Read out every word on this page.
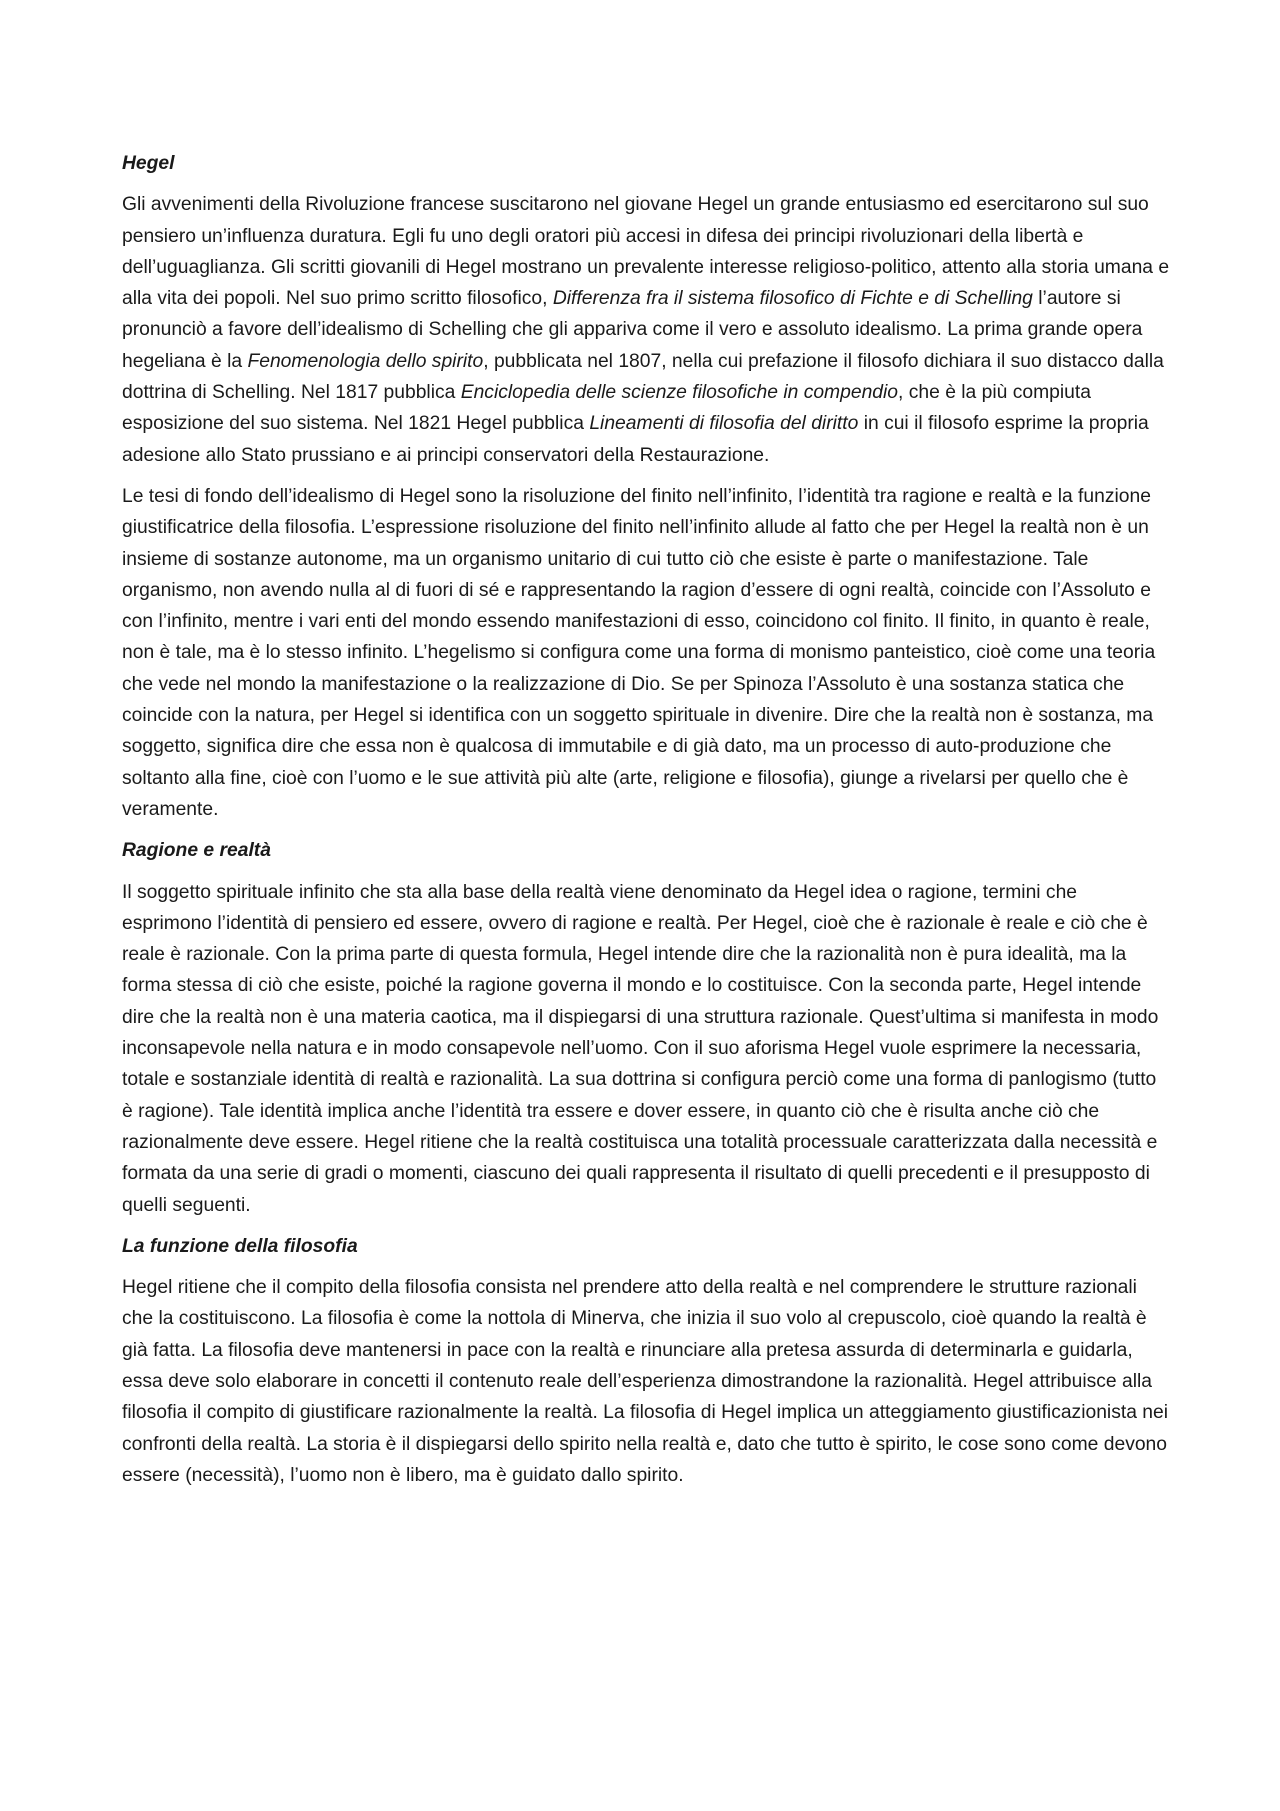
Hegel

Gli avvenimenti della Rivoluzione francese suscitarono nel giovane Hegel un grande entusiasmo ed esercitarono sul suo pensiero un’influenza duratura. Egli fu uno degli oratori più accesi in difesa dei principi rivoluzionari della libertà e dell’uguaglianza. Gli scritti giovanili di Hegel mostrano un prevalente interesse religioso-politico, attento alla storia umana e alla vita dei popoli. Nel suo primo scritto filosofico, Differenza fra il sistema filosofico di Fichte e di Schelling l’autore si pronunciò a favore dell’idealismo di Schelling che gli appariva come il vero e assoluto idealismo. La prima grande opera hegeliana è la Fenomenologia dello spirito, pubblicata nel 1807, nella cui prefazione il filosofo dichiara il suo distacco dalla dottrina di Schelling. Nel 1817 pubblica Enciclopedia delle scienze filosofiche in compendio, che è la più compiuta esposizione del suo sistema. Nel 1821 Hegel pubblica Lineamenti di filosofia del diritto in cui il filosofo esprime la propria adesione allo Stato prussiano e ai principi conservatori della Restaurazione.

Le tesi di fondo dell’idealismo di Hegel sono la risoluzione del finito nell’infinito, l’identità tra ragione e realtà e la funzione giustificatrice della filosofia. L’espressione risoluzione del finito nell’infinito allude al fatto che per Hegel la realtà non è un insieme di sostanze autonome, ma un organismo unitario di cui tutto ciò che esiste è parte o manifestazione. Tale organismo, non avendo nulla al di fuori di sé e rappresentando la ragion d’essere di ogni realtà, coincide con l’Assoluto e con l’infinito, mentre i vari enti del mondo essendo manifestazioni di esso, coincidono col finito. Il finito, in quanto è reale, non è tale, ma è lo stesso infinito. L’hegelismo si configura come una forma di monismo panteistico, cioè come una teoria che vede nel mondo la manifestazione o la realizzazione di Dio. Se per Spinoza l’Assoluto è una sostanza statica che coincide con la natura, per Hegel si identifica con un soggetto spirituale in divenire. Dire che la realtà non è sostanza, ma soggetto, significa dire che essa non è qualcosa di immutabile e di già dato, ma un processo di auto-produzione che soltanto alla fine, cioè con l’uomo e le sue attività più alte (arte, religione e filosofia), giunge a rivelarsi per quello che è veramente.

Ragione e realtà

Il soggetto spirituale infinito che sta alla base della realtà viene denominato da Hegel idea o ragione, termini che esprimono l’identità di pensiero ed essere, ovvero di ragione e realtà. Per Hegel, cioè che è razionale è reale e ciò che è reale è razionale. Con la prima parte di questa formula, Hegel intende dire che la razionalità non è pura idealità, ma la forma stessa di ciò che esiste, poiché la ragione governa il mondo e lo costituisce. Con la seconda parte, Hegel intende dire che la realtà non è una materia caotica, ma il dispiegarsi di una struttura razionale. Quest’ultima si manifesta in modo inconsapevole nella natura e in modo consapevole nell’uomo. Con il suo aforisma Hegel vuole esprimere la necessaria, totale e sostanziale identità di realtà e razionalità. La sua dottrina si configura perciò come una forma di panlogismo (tutto è ragione). Tale identità implica anche l’identità tra essere e dover essere, in quanto ciò che è risulta anche ciò che razionalmente deve essere. Hegel ritiene che la realtà costituisca una totalità processuale caratterizzata dalla necessità e formata da una serie di gradi o momenti, ciascuno dei quali rappresenta il risultato di quelli precedenti e il presupposto di quelli seguenti.

La funzione della filosofia

Hegel ritiene che il compito della filosofia consista nel prendere atto della realtà e nel comprendere le strutture razionali che la costituiscono. La filosofia è come la nottola di Minerva, che inizia il suo volo al crepuscolo, cioè quando la realtà è già fatta. La filosofia deve mantenersi in pace con la realtà e rinunciare alla pretesa assurda di determinarla e guidarla, essa deve solo elaborare in concetti il contenuto reale dell’esperienza dimostrandone la razionalità. Hegel attribuisce alla filosofia il compito di giustificare razionalmente la realtà. La filosofia di Hegel implica un atteggiamento giustificazionista nei confronti della realtà. La storia è il dispiegarsi dello spirito nella realtà e, dato che tutto è spirito, le cose sono come devono essere (necessità), l’uomo non è libero, ma è guidato dallo spirito.
